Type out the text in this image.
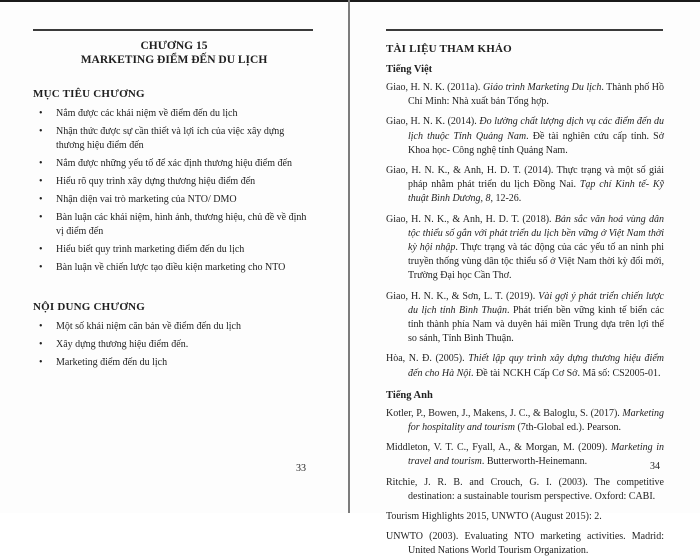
CHƯƠNG 15
MARKETING ĐIỂM ĐẾN DU LỊCH
MỤC TIÊU CHƯƠNG
• Nắm được các khái niệm về điểm đến du lịch
• Nhận thức được sự cần thiết và lợi ích của việc xây dựng thương hiệu điểm đến
• Nắm được những yếu tố để xác định thương hiệu điểm đến
• Hiểu rõ quy trình xây dựng thương hiệu điểm đến
• Nhận diện vai trò marketing của NTO/ DMO
• Bàn luận các khái niệm, hình ảnh, thương hiệu, chủ đề về định vị điểm đến
• Hiểu biết quy trình marketing điểm đến du lịch
• Bàn luận về chiến lược tạo điều kiện marketing cho NTO
NỘI DUNG CHƯƠNG
• Một số khái niệm căn bản về điểm đến du lịch
• Xây dựng thương hiệu điểm đến.
• Marketing điểm đến du lịch
TÀI LIỆU THAM KHẢO
Tiếng Việt

Giao, H. N. K. (2011a). Giáo trình Marketing Du lịch. Thành phố Hồ Chí Minh: Nhà xuất bản Tổng hợp.

Giao, H. N. K. (2014). Đo lường chất lượng dịch vụ các điểm đến du lịch thuộc Tỉnh Quảng Nam. Đề tài nghiên cứu cấp tỉnh. Sở Khoa học- Công nghệ tỉnh Quảng Nam.

Giao, H. N. K., & Anh, H. D. T. (2014). Thực trạng và một số giải pháp nhằm phát triển du lịch Đồng Nai. Tạp chí Kinh tế- Kỹ thuật Bình Dương, 8, 12-26.

Giao, H. N. K., & Anh, H. D. T. (2018). Bản sắc văn hoá vùng dân tộc thiểu số gắn với phát triển du lịch bền vững ở Việt Nam thời kỳ hội nhập. Thực trạng và tác động của các yếu tố an ninh phi truyền thống vùng dân tộc thiểu số ở Việt Nam thời kỳ đổi mới, Trường Đại học Cần Thơ.

Giao, H. N. K., & Sơn, L. T. (2019). Vài gợi ý phát triển chiến lược du lịch tỉnh Bình Thuận. Phát triển bền vững kinh tế biển các tỉnh thành phía Nam và duyên hải miền Trung dựa trên lợi thế so sánh, Tỉnh Bình Thuận.

Hòa, N. Đ. (2005). Thiết lập quy trình xây dựng thương hiệu điểm đến cho Hà Nội. Đề tài NCKH Cấp Cơ Sở. Mã số: CS2005-01.

Tiếng Anh

Kotler, P., Bowen, J., Makens, J. C., & Baloglu, S. (2017). Marketing for hospitality and tourism (7th-Global ed.). Pearson.

Middleton, V. T. C., Fyall, A., & Morgan, M. (2009). Marketing in travel and tourism. Butterworth-Heinemann.

Ritchie, J. R. B. and Crouch, G. I. (2003). The competitive destination: a sustainable tourism perspective. Oxford: CABI.

Tourism Highlights 2015, UNWTO (August 2015): 2.

UNWTO (2003). Evaluating NTO marketing activities. Madrid: United Nations World Tourism Organization.

33	34
